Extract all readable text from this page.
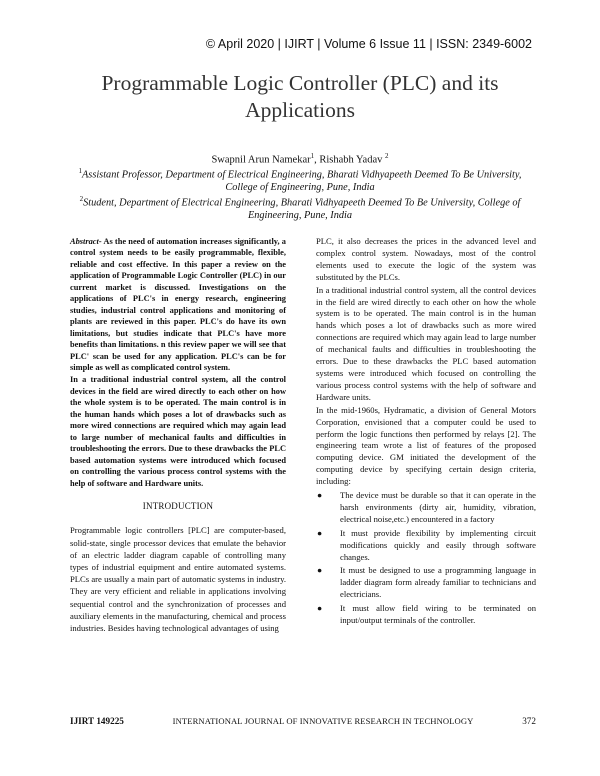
© April 2020 | IJIRT | Volume 6 Issue 11 | ISSN: 2349-6002
Programmable Logic Controller (PLC) and its
Applications
Swapnil Arun Namekar$^1$, Rishabh Yadav $^2$
$^1$Assistant Professor, Department of Electrical Engineering, Bharati Vidhyapeeth Deemed To Be University, College of Engineering, Pune, India
$^2$Student, Department of Electrical Engineering, Bharati Vidhyapeeth Deemed To Be University, College of Engineering, Pune, India

Abstract- As the need of automation increases significantly, a control system needs to be easily programmable, flexible, reliable and cost effective. In this paper a review on the application of Programmable Logic Controller (PLC) in our current market is discussed. Investigations on the applications of PLC's in energy research, engineering studies, industrial control applications and monitoring of plants are reviewed in this paper. PLC's do have its own limitations, but studies indicate that PLC's have more benefits than limitations. n this review paper we will see that PLC' scan be used for any application. PLC's can be for simple as well as complicated control system.

In a traditional industrial control system, all the control devices in the field are wired directly to each other on how the whole system is to be operated. The main control is in the human hands which poses a lot of drawbacks such as more wired connections are required which may again lead to large number of mechanical faults and difficulties in troubleshooting the errors. Due to these drawbacks the PLC based automation systems were introduced which focused on controlling the various process control systems with the help of software and Hardware units.

INTRODUCTION

Programmable logic controllers [PLC] are computer-based, solid-state, single processor devices that emulate the behavior of an electric ladder diagram capable of controlling many types of industrial equipment and entire automated systems. PLCs are usually a main part of automatic systems in industry. They are very efficient and reliable in applications involving sequential control and the synchronization of processes and auxiliary elements in the manufacturing, chemical and process industries. Besides having technological advantages of using

PLC, it also decreases the prices in the advanced level and complex control system. Nowadays, most of the control elements used to execute the logic of the system was substituted by the PLCs.

In a traditional industrial control system, all the control devices in the field are wired directly to each other on how the whole system is to be operated. The main control is in the human hands which poses a lot of drawbacks such as more wired connections are required which may again lead to large number of mechanical faults and difficulties in troubleshooting the errors. Due to these drawbacks the PLC based automation systems were introduced which focused on controlling the various process control systems with the help of software and Hardware units.

In the mid-1960s, Hydramatic, a division of General Motors Corporation, envisioned that a computer could be used to perform the logic functions then performed by relays [2]. The engineering team wrote a list of features of the proposed computing device. GM initiated the development of the computing device by specifying certain design criteria, including:

● The device must be durable so that it can operate in the harsh environments (dirty air, humidity, vibration, electrical noise,etc.) encountered in a factory
● It must provide flexibility by implementing circuit modifications quickly and easily through software changes.
● It must be designed to use a programming language in ladder diagram form already familiar to technicians and electricians.
● It must allow field wiring to be terminated on input/output terminals of the controller.
IJIRT 149225	INTERNATIONAL JOURNAL OF INNOVATIVE RESEARCH IN TECHNOLOGY	372
